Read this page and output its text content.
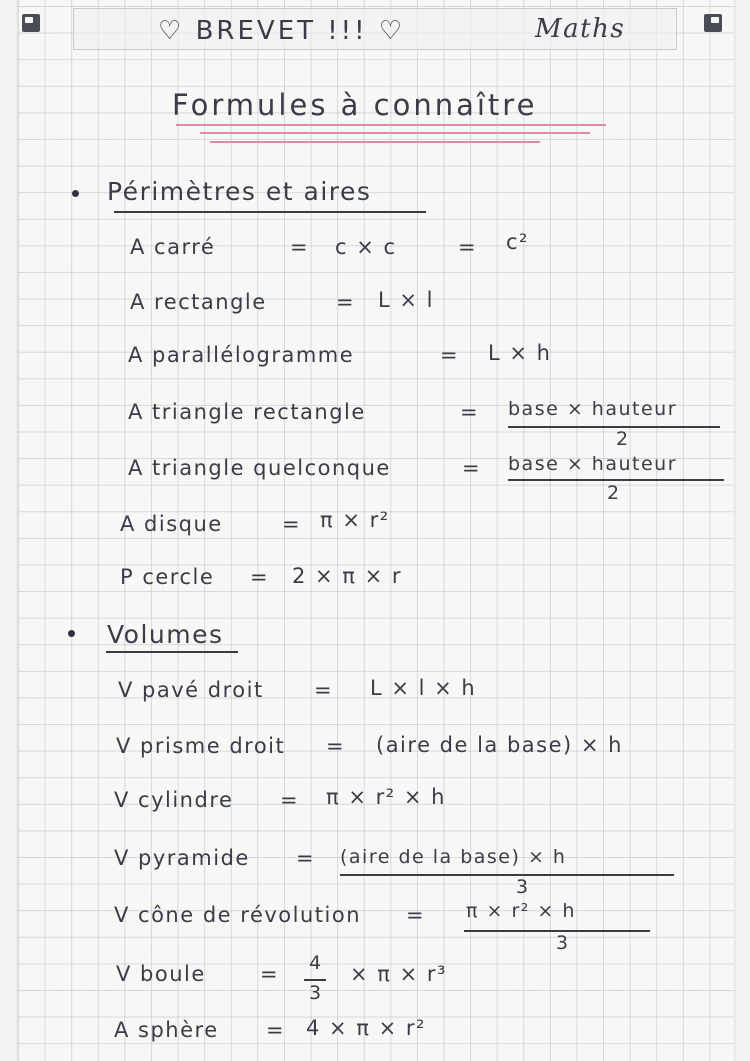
♡ BREVET !!! ♡	Maths
Formules à connaître
Périmètres et aires
A carré	= c × c	= c²
A rectangle	= L × l
A parallélogramme	= L × h
A triangle rectangle	= base × hauteur
2
A triangle quelconque	= base × hauteur
2
A disque	= π × r²
P cercle = 2 × π × r
Volumes
V pavé droit = L × l × h
V prisme droit = (aire de la base) × h
V cylindre = π × r² × h
V pyramide = (aire de la base) × h
3
V cône de révolution = π × r² × h
3
V boule	= 4
3
× π × r³
A sphère = 4 × π × r²
